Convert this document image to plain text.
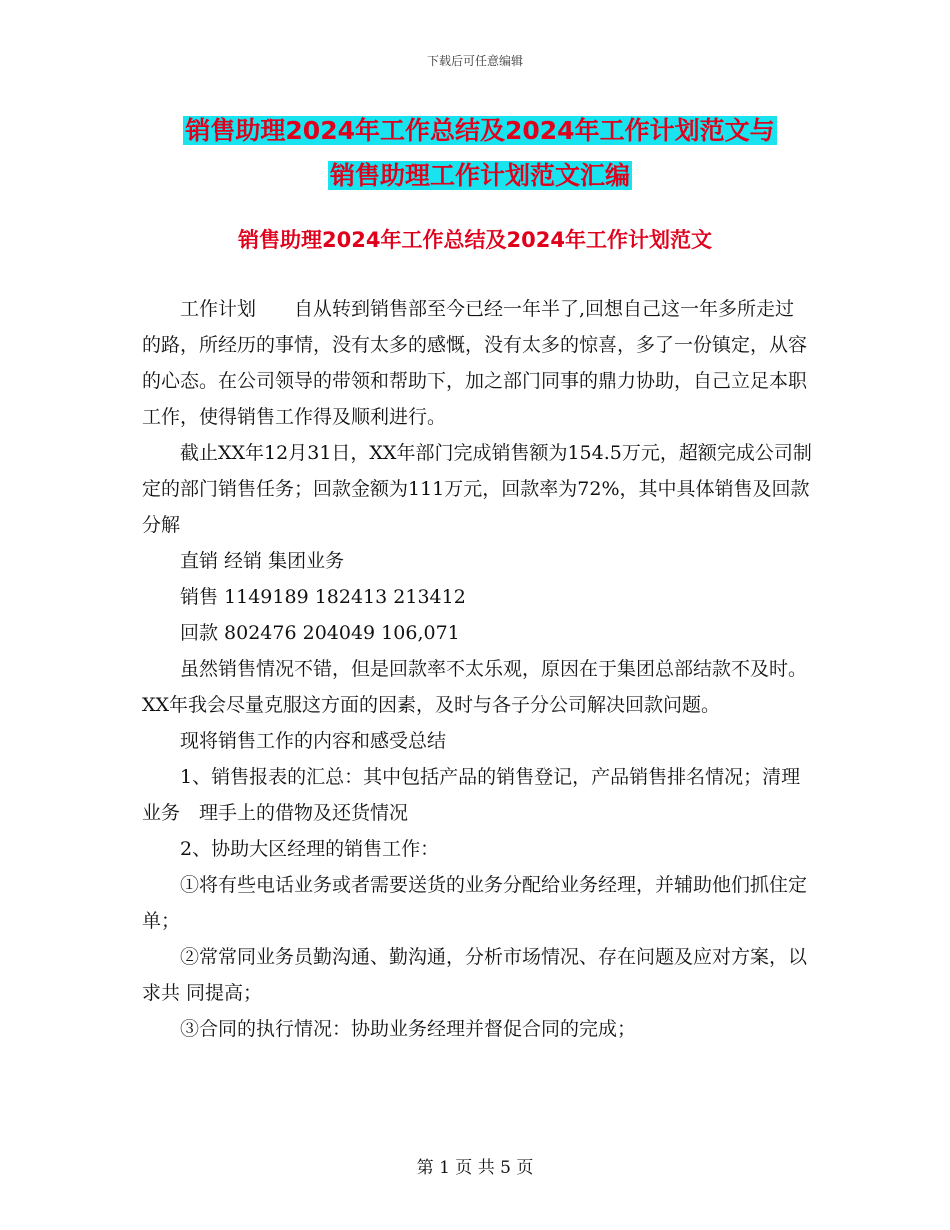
下载后可任意编辑
销售助理2024年工作总结及2024年工作计划范文与
销售助理工作计划范文汇编
销售助理2024年工作总结及2024年工作计划范文

工作计划　　自从转到销售部至今已经一年半了,回想自己这一年多所走过的路，所经历的事情，没有太多的感慨，没有太多的惊喜，多了一份镇定，从容的心态。在公司领导的带领和帮助下，加之部门同事的鼎力协助，自己立足本职工作，使得销售工作得及顺利进行。

截止XX年12月31日，XX年部门完成销售额为154.5万元，超额完成公司制定的部门销售任务；回款金额为111万元，回款率为72%，其中具体销售及回款分解

直销 经销 集团业务

销售 1149189 182413 213412

回款 802476 204049 106,071

虽然销售情况不错，但是回款率不太乐观，原因在于集团总部结款不及时。XX年我会尽量克服这方面的因素，及时与各子分公司解决回款问题。

现将销售工作的内容和感受总结

1、销售报表的汇总：其中包括产品的销售登记，产品销售排名情况；清理业务　理手上的借物及还货情况

2、协助大区经理的销售工作：

①将有些电话业务或者需要送货的业务分配给业务经理，并辅助他们抓住定单；

②常常同业务员勤沟通、勤沟通，分析市场情况、存在问题及应对方案，以求共 同提高；

③合同的执行情况：协助业务经理并督促合同的完成；

第 1 页 共 5 页
